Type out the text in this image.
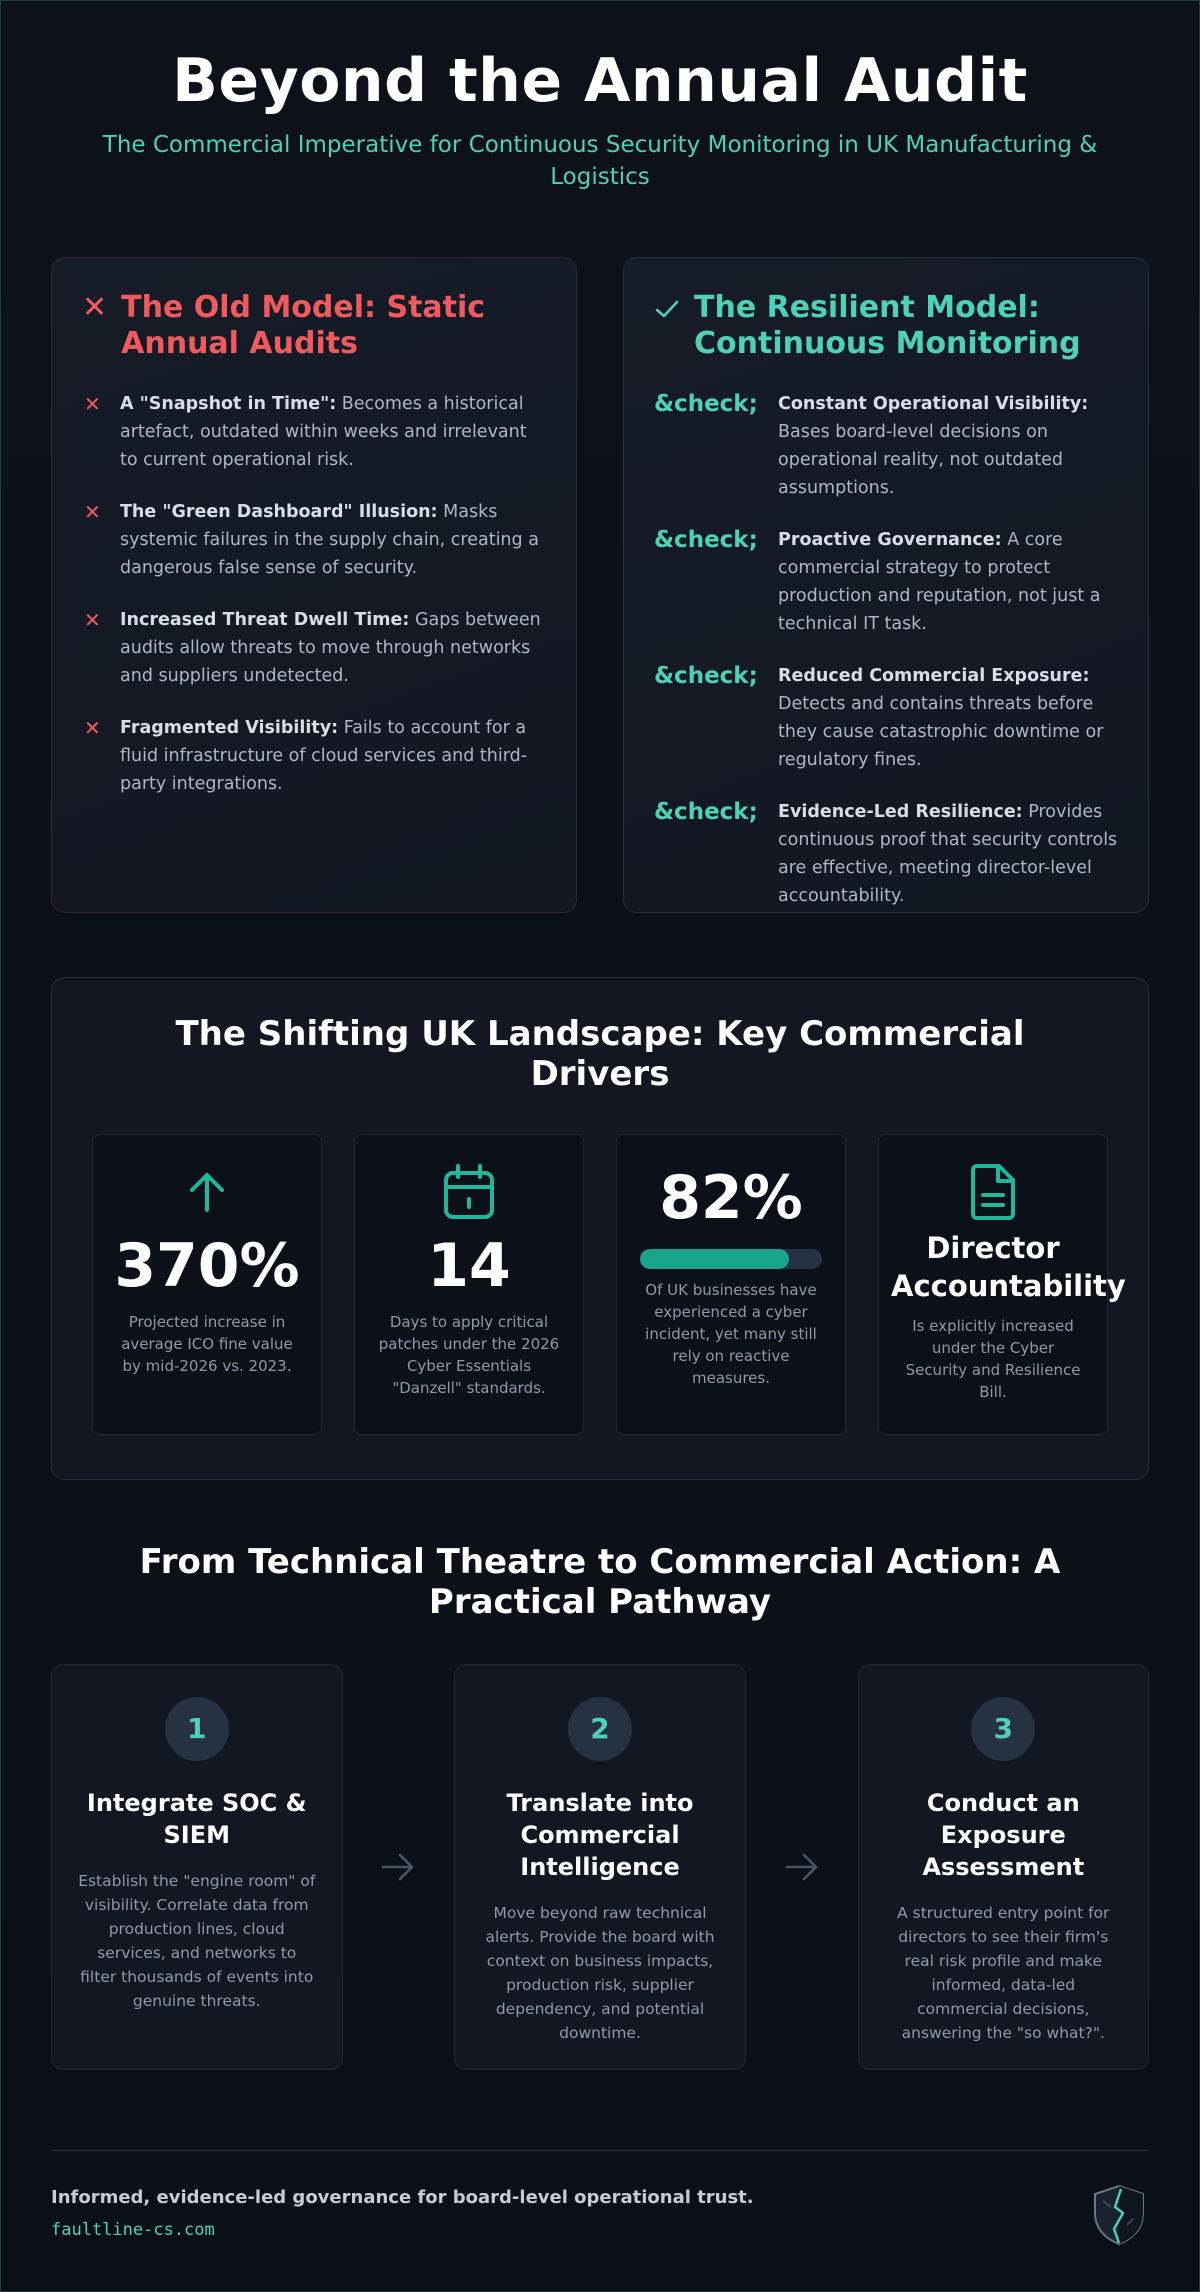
Beyond the Annual Audit

The Commercial Imperative for Continuous Security Monitoring in UK Manufacturing & Logistics

✕ The Old Model: Static Annual Audits
✕	A "Snapshot in Time": Becomes a historical artefact, outdated within weeks and irrelevant to current operational risk.
✕	The "Green Dashboard" Illusion: Masks systemic failures in the supply chain, creating a dangerous false sense of security.
✕	Increased Threat Dwell Time: Gaps between audits allow threats to move through networks and suppliers undetected.
✕	Fragmented Visibility: Fails to account for a fluid infrastructure of cloud services and third-party integrations.
The Resilient Model: Continuous Monitoring
&check;	Constant Operational Visibility: Bases board-level decisions on operational reality, not outdated assumptions.
&check;	Proactive Governance: A core commercial strategy to protect production and reputation, not just a technical IT task.
&check;	Reduced Commercial Exposure: Detects and contains threats before they cause catastrophic downtime or regulatory fines.
&check;	Evidence-Led Resilience: Provides continuous proof that security controls are effective, meeting director-level accountability.
The Shifting UK Landscape: Key Commercial Drivers
370%
Projected increase in average ICO fine value by mid-2026 vs. 2023.
14
Days to apply critical patches under the 2026 Cyber Essentials "Danzell" standards.
82%
Of UK businesses have experienced a cyber incident, yet many still rely on reactive measures.
Director Accountability
Is explicitly increased under the Cyber Security and Resilience Bill.
From Technical Theatre to Commercial Action: A Practical Pathway
1
Integrate SOC & SIEM

Establish the "engine room" of visibility. Correlate data from production lines, cloud services, and networks to filter thousands of events into genuine threats.

2
Translate into Commercial Intelligence

Move beyond raw technical alerts. Provide the board with context on business impacts, production risk, supplier dependency, and potential downtime.

3
Conduct an Exposure Assessment

A structured entry point for directors to see their firm's real risk profile and make informed, data-led commercial decisions, answering the "so what?".

Informed, evidence-led governance for board-level operational trust.
faultline-cs.com
